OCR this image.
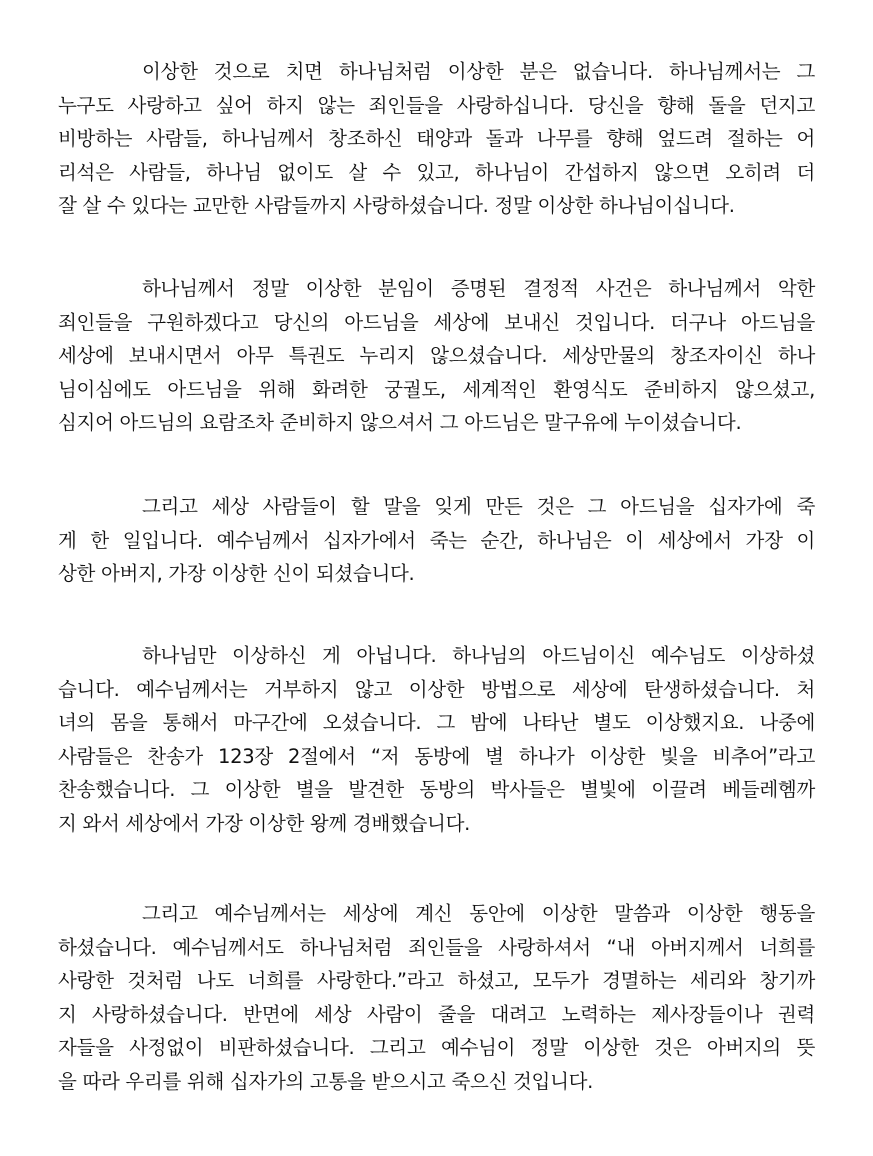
이상한 것으로 치면 하나님처럼 이상한 분은 없습니다. 하나님께서는 그
누구도 사랑하고 싶어 하지 않는 죄인들을 사랑하십니다. 당신을 향해 돌을 던지고
비방하는 사람들, 하나님께서 창조하신 태양과 돌과 나무를 향해 엎드려 절하는 어
리석은 사람들, 하나님 없이도 살 수 있고, 하나님이 간섭하지 않으면 오히려 더
잘 살 수 있다는 교만한 사람들까지 사랑하셨습니다. 정말 이상한 하나님이십니다.
하나님께서 정말 이상한 분임이 증명된 결정적 사건은 하나님께서 악한
죄인들을 구원하겠다고 당신의 아드님을 세상에 보내신 것입니다. 더구나 아드님을
세상에 보내시면서 아무 특권도 누리지 않으셨습니다. 세상만물의 창조자이신 하나
님이심에도 아드님을 위해 화려한 궁궐도, 세계적인 환영식도 준비하지 않으셨고,
심지어 아드님의 요람조차 준비하지 않으셔서 그 아드님은 말구유에 누이셨습니다.
그리고 세상 사람들이 할 말을 잊게 만든 것은 그 아드님을 십자가에 죽
게 한 일입니다. 예수님께서 십자가에서 죽는 순간, 하나님은 이 세상에서 가장 이
상한 아버지, 가장 이상한 신이 되셨습니다.
하나님만 이상하신 게 아닙니다. 하나님의 아드님이신 예수님도 이상하셨
습니다. 예수님께서는 거부하지 않고 이상한 방법으로 세상에 탄생하셨습니다. 처
녀의 몸을 통해서 마구간에 오셨습니다. 그 밤에 나타난 별도 이상했지요. 나중에
사람들은 찬송가 123장 2절에서 “저 동방에 별 하나가 이상한 빛을 비추어”라고
찬송했습니다. 그 이상한 별을 발견한 동방의 박사들은 별빛에 이끌려 베들레헴까
지 와서 세상에서 가장 이상한 왕께 경배했습니다.
그리고 예수님께서는 세상에 계신 동안에 이상한 말씀과 이상한 행동을
하셨습니다. 예수님께서도 하나님처럼 죄인들을 사랑하셔서 “내 아버지께서 너희를
사랑한 것처럼 나도 너희를 사랑한다.”라고 하셨고, 모두가 경멸하는 세리와 창기까
지 사랑하셨습니다. 반면에 세상 사람이 줄을 대려고 노력하는 제사장들이나 권력
자들을 사정없이 비판하셨습니다. 그리고 예수님이 정말 이상한 것은 아버지의 뜻
을 따라 우리를 위해 십자가의 고통을 받으시고 죽으신 것입니다.
